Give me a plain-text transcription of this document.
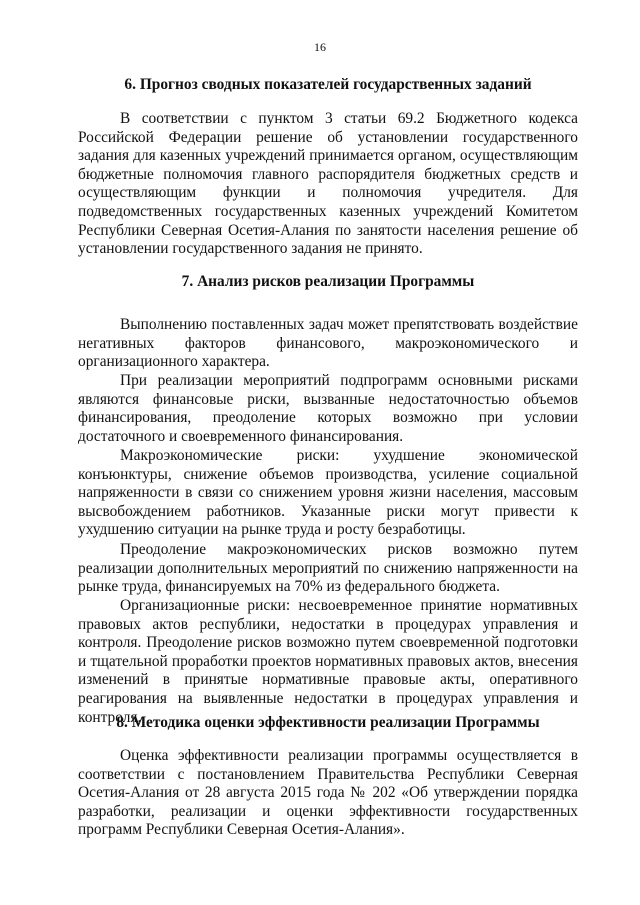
16
6. Прогноз сводных показателей государственных заданий

В соответствии с пунктом 3 статьи 69.2 Бюджетного кодекса Российской Федерации решение об установлении государственного задания для казенных учреждений принимается органом, осуществляющим бюджетные полномочия главного распорядителя бюджетных средств и осуществляющим функции и полномочия учредителя. Для подведомственных государственных казенных учреждений Комитетом Республики Северная Осетия-Алания по занятости населения решение об установлении государственного задания не принято.

7. Анализ рисков реализации Программы

Выполнению поставленных задач может препятствовать воздействие негативных факторов финансового, макроэкономического и организационного характера.

При реализации мероприятий подпрограмм основными рисками являются финансовые риски, вызванные недостаточностью объемов финансирования, преодоление которых возможно при условии достаточного и своевременного финансирования.

Макроэкономические риски: ухудшение экономической конъюнктуры, снижение объемов производства, усиление социальной напряженности в связи со снижением уровня жизни населения, массовым высвобождением работников. Указанные риски могут привести к ухудшению ситуации на рынке труда и росту безработицы.

Преодоление макроэкономических рисков возможно путем реализации дополнительных мероприятий по снижению напряженности на рынке труда, финансируемых на 70% из федерального бюджета.

Организационные риски: несвоевременное принятие нормативных правовых актов республики, недостатки в процедурах управления и контроля. Преодоление рисков возможно путем своевременной подготовки и тщательной проработки проектов нормативных правовых актов, внесения изменений в принятые нормативные правовые акты, оперативного реагирования на выявленные недостатки в процедурах управления и контроля.

8. Методика оценки эффективности реализации Программы

Оценка эффективности реализации программы осуществляется в соответствии с постановлением Правительства Республики Северная Осетия-Алания от 28 августа 2015 года № 202 «Об утверждении порядка разработки, реализации и оценки эффективности государственных программ Республики Северная Осетия-Алания».
